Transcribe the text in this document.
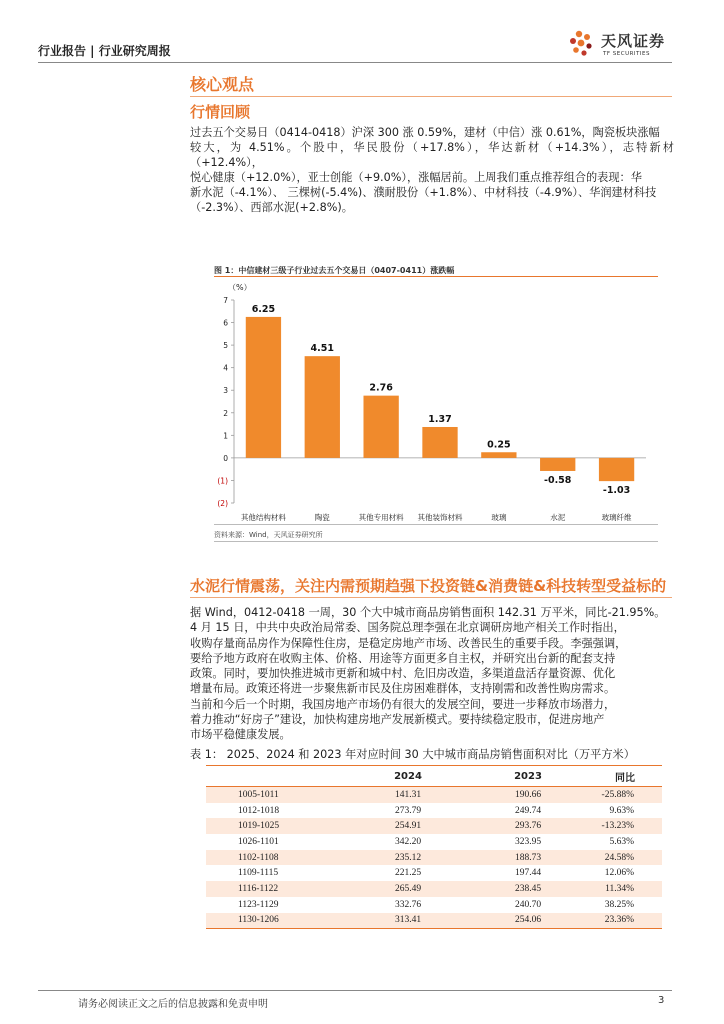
行业报告 | 行业研究周报
天风证券
TF SECURITIES
核心观点
行情回顾
过去五个交易日（0414-0418）沪深 300 涨 0.59%，建材（中信）涨 0.61%，陶瓷板块涨幅
较大，为 4.51%。个股中，华民股份（+17.8%），华达新材（+14.3%），志特新材（+12.4%），
悦心健康（+12.0%），亚士创能（+9.0%），涨幅居前。上周我们重点推荐组合的表现：华
新水泥（-4.1%）、 三棵树(-5.4%)、濮耐股份（+1.8%）、中材科技（-4.9%）、华润建材科技
（-2.3%）、西部水泥(+2.8%)。
图 1：中信建材三级子行业过去五个交易日（0407-0411）涨跌幅
（%）
7
6
5
4
3
2
1
0
(1)
(2)
6.25
4.51
2.76
1.37
0.25
-0.58
-1.03
其他结构材料	陶瓷	其他专用材料 其他装饰材料	玻璃	水泥	玻璃纤维
资料来源：Wind，天风证券研究所
水泥行情震荡，关注内需预期趋强下投资链&消费链&科技转型受益标的
据 Wind，0412-0418 一周，30 个大中城市商品房销售面积 142.31 万平米，同比-21.95%。
4 月 15 日，中共中央政治局常委、国务院总理李强在北京调研房地产相关工作时指出，
收购存量商品房作为保障性住房，是稳定房地产市场、改善民生的重要手段。李强强调，
要给予地方政府在收购主体、价格、用途等方面更多自主权，并研究出台新的配套支持
政策。同时，要加快推进城市更新和城中村、危旧房改造，多渠道盘活存量资源、优化
增量布局。政策还将进一步聚焦新市民及住房困难群体，支持刚需和改善性购房需求。
当前和今后一个时期，我国房地产市场仍有很大的发展空间，要进一步释放市场潜力，
着力推动“好房子”建设，加快构建房地产发展新模式。要持续稳定股市，促进房地产
市场平稳健康发展。
表 1： 2025、2024 和 2023 年对应时间 30 大中城市商品房销售面积对比（万平方米）
	2024	2023	同比
1005-1011	141.31	190.66	-25.88%
1012-1018	273.79	249.74	9.63%
1019-1025	254.91	293.76	-13.23%
1026-1101	342.20	323.95	5.63%
1102-1108	235.12	188.73	24.58%
1109-1115	221.25	197.44	12.06%
1116-1122	265.49	238.45	11.34%
1123-1129	332.76	240.70	38.25%
1130-1206	313.41	254.06	23.36%
请务必阅读正文之后的信息披露和免责申明	3
